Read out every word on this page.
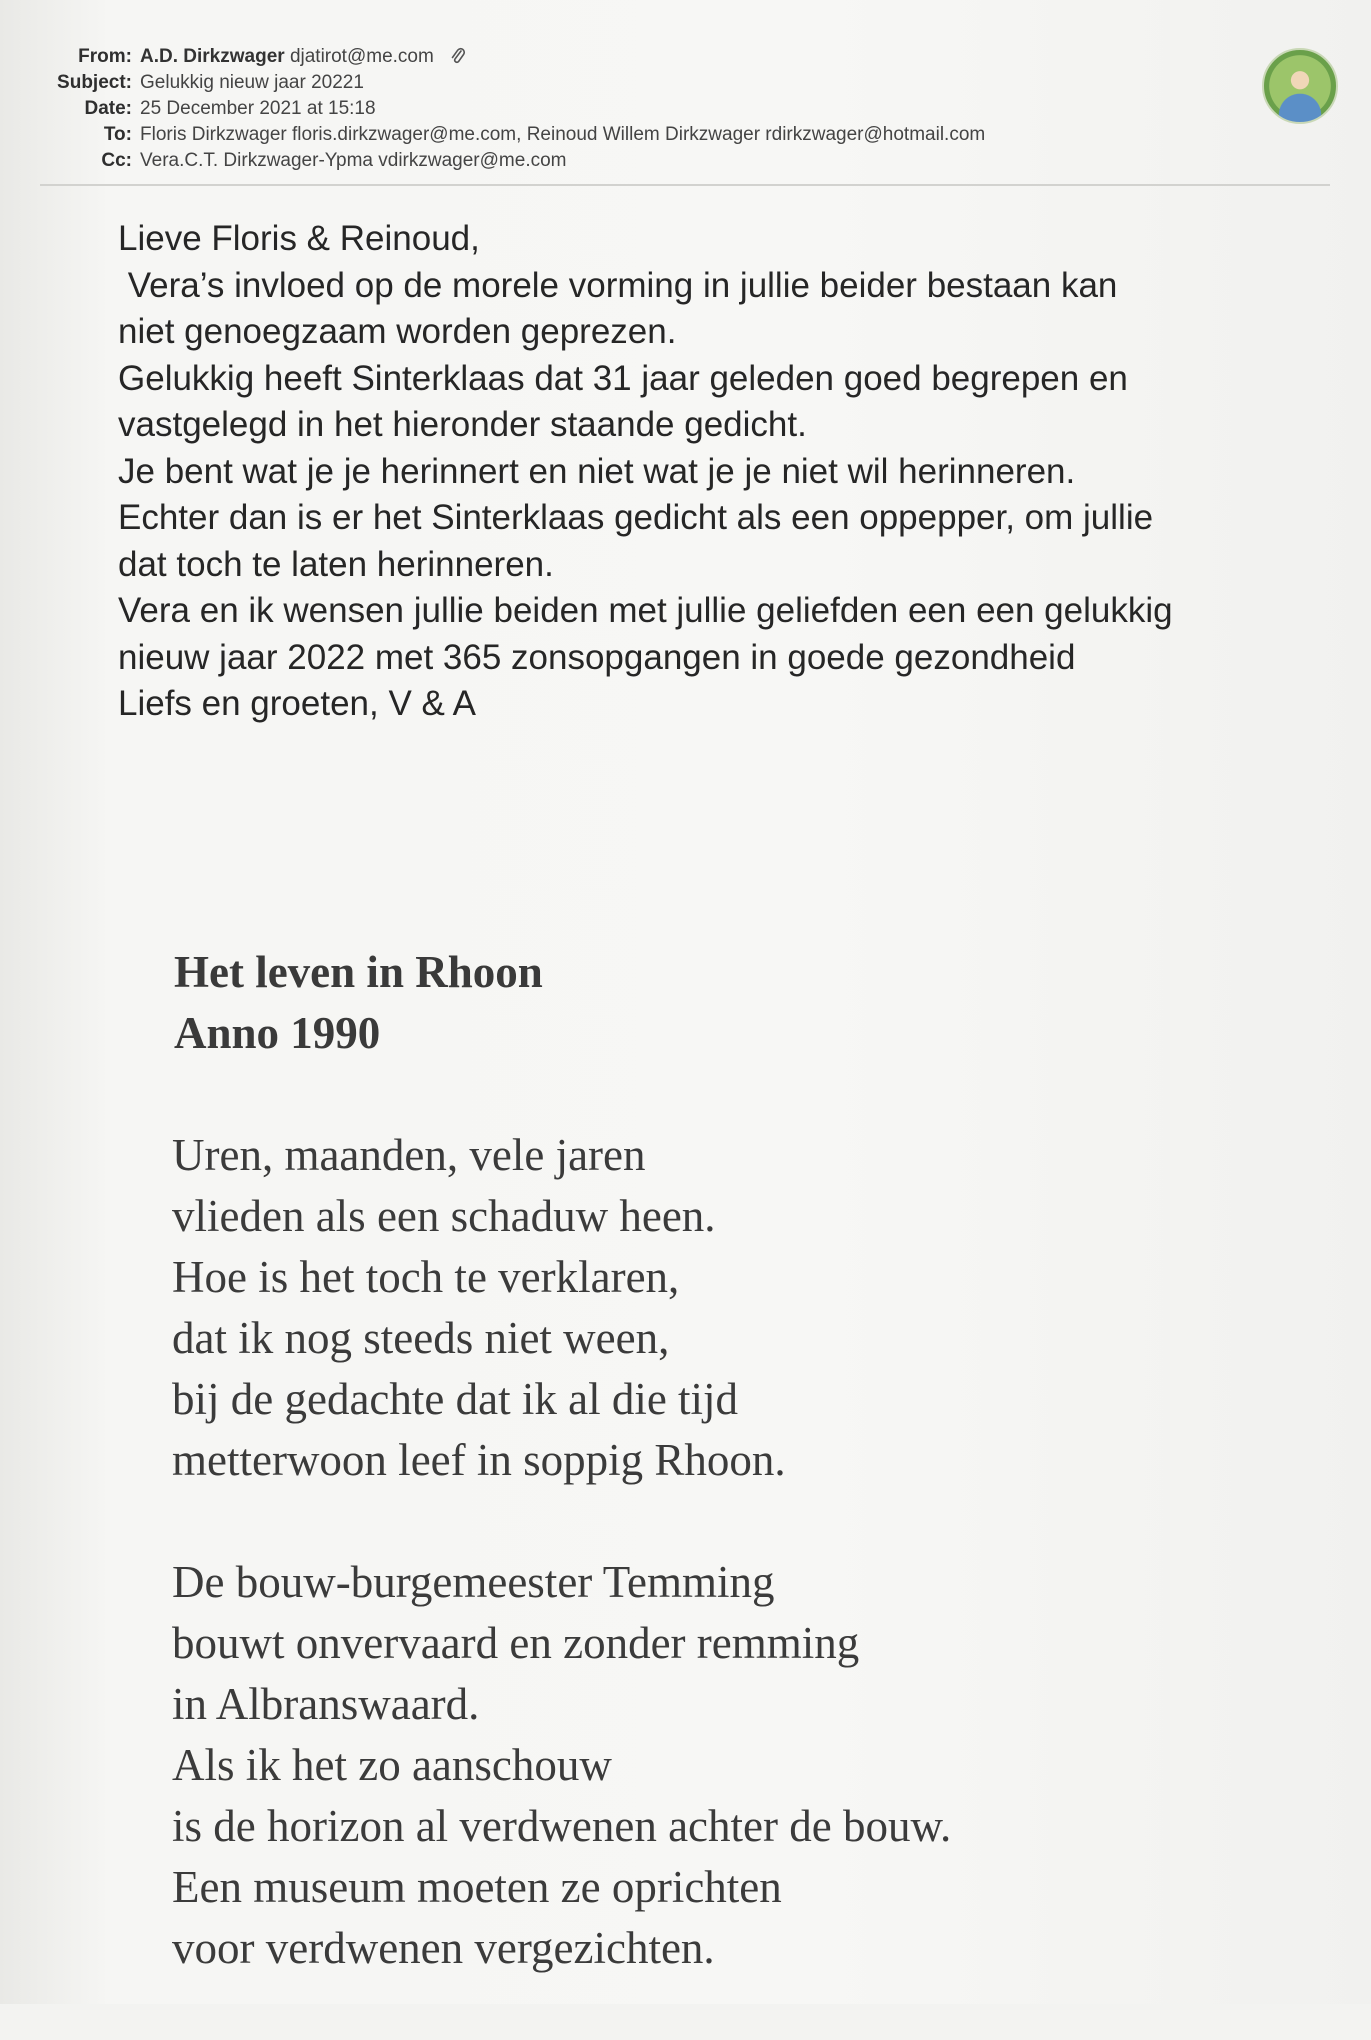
From: A.D. Dirkzwager djatirot@me.com
Subject: Gelukkig nieuw jaar 20221
Date: 25 December 2021 at 15:18
To: Floris Dirkzwager floris.dirkzwager@me.com, Reinoud Willem Dirkzwager rdirkzwager@hotmail.com
Cc: Vera.C.T. Dirkzwager-Ypma vdirkzwager@me.com

Lieve Floris & Reinoud,

Vera’s invloed op de morele vorming in jullie beider bestaan kan

niet genoegzaam worden geprezen.

Gelukkig heeft Sinterklaas dat 31 jaar geleden goed begrepen en

vastgelegd in het hieronder staande gedicht.

Je bent wat je je herinnert en niet wat je je niet wil herinneren.

Echter dan is er het Sinterklaas gedicht als een oppepper, om jullie

dat toch te laten herinneren.

Vera en ik wensen jullie beiden met jullie geliefden een een gelukkig

nieuw jaar 2022 met 365 zonsopgangen in goede gezondheid

Liefs en groeten, V & A

Het leven in Rhoon
Anno 1990
Uren, maanden, vele jaren
vlieden als een schaduw heen.
Hoe is het toch te verklaren,
dat ik nog steeds niet ween,
bij de gedachte dat ik al die tijd
metterwoon leef in soppig Rhoon.
De bouw-burgemeester Temming
bouwt onvervaard en zonder remming
in Albranswaard.
Als ik het zo aanschouw
is de horizon al verdwenen achter de bouw.
Een museum moeten ze oprichten
voor verdwenen vergezichten.
